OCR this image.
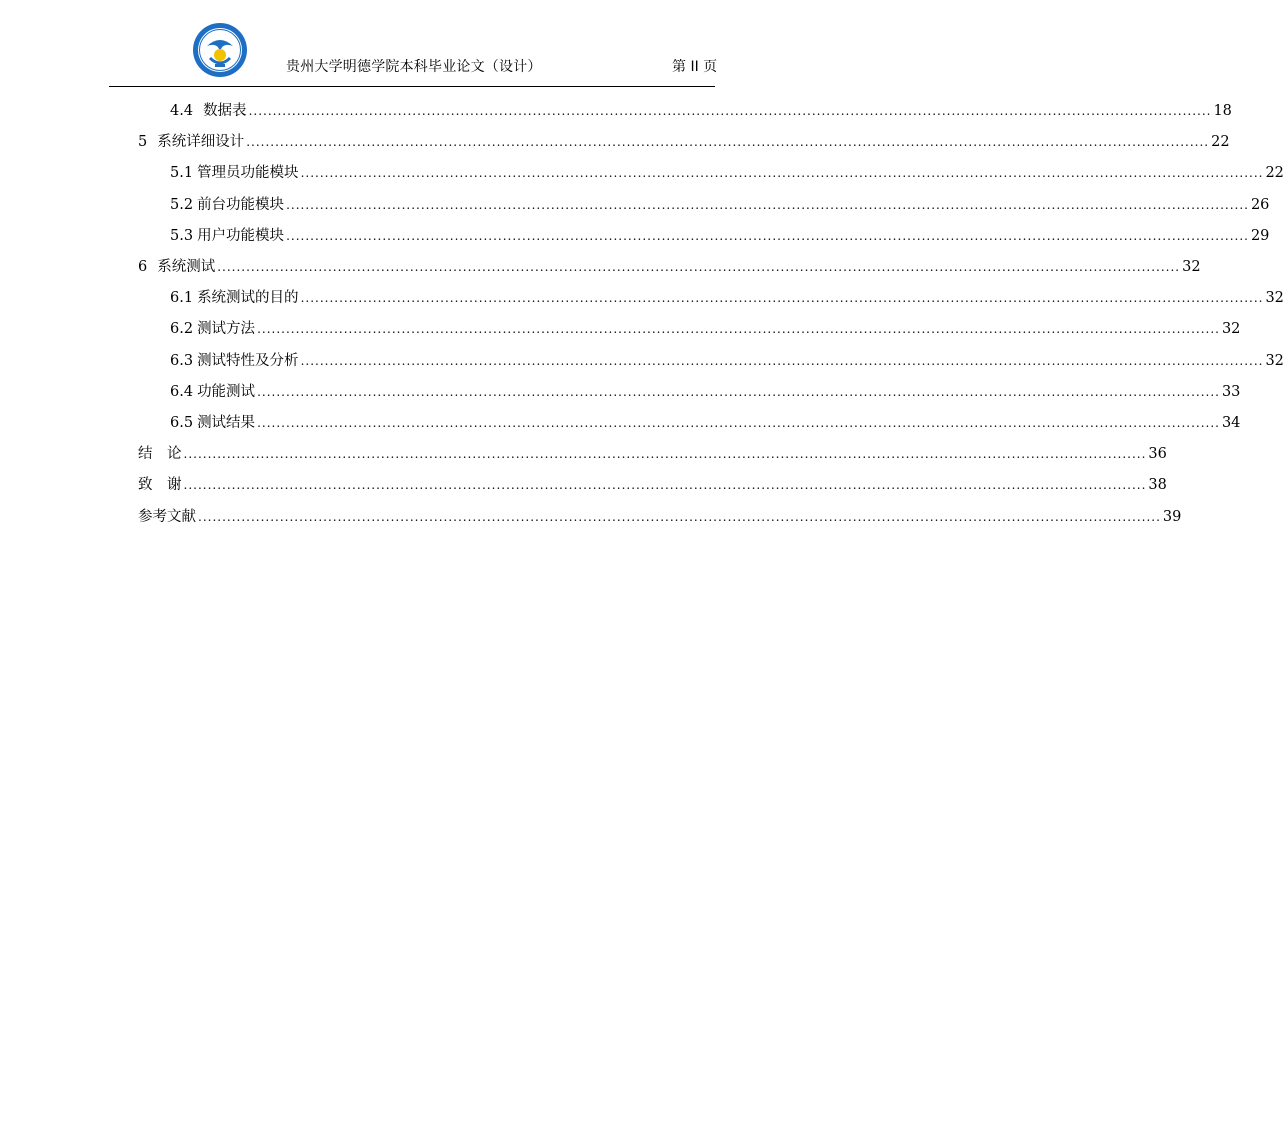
贵州大学明德学院本科毕业论文（设计）	第 II 页
4.4 数据表 ........................................................................................................................................................................................................ 18
5 系统详细设计 ........................................................................................................................................................................................................ 22
5.1 管理员功能模块 ........................................................................................................................................................................................................ 22
5.2 前台功能模块 ........................................................................................................................................................................................................ 26
5.3 用户功能模块 ........................................................................................................................................................................................................ 29
6 系统测试 ........................................................................................................................................................................................................ 32
6.1 系统测试的目的 ........................................................................................................................................................................................................ 32
6.2 测试方法 ........................................................................................................................................................................................................ 32
6.3 测试特性及分析 ........................................................................................................................................................................................................ 32
6.4 功能测试 ........................................................................................................................................................................................................ 33
6.5 测试结果 ........................................................................................................................................................................................................ 34
结　论 ........................................................................................................................................................................................................ 36
致　谢 ........................................................................................................................................................................................................ 38
参考文献 ........................................................................................................................................................................................................ 39
